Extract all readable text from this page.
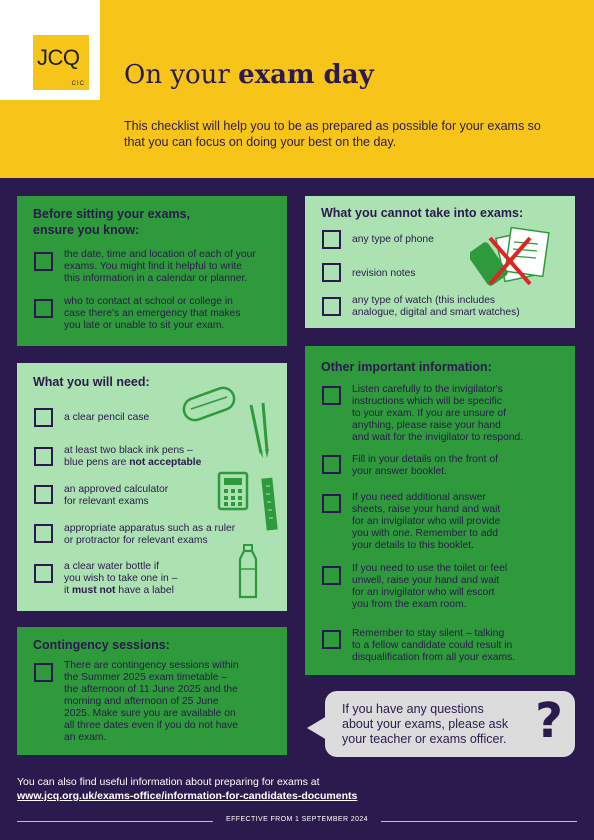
JCQ
CIC On your exam day
This checklist will help you to be as prepared as possible for your exams so that you can focus on doing your best on the day.
Before sitting your exams,
ensure you know:
the date, time and location of each of your
exams. You might find it helpful to write
this information in a calendar or planner.
who to contact at school or college in
case there's an emergency that makes
you late or unable to sit your exam.
What you cannot take into exams:
any type of phone
revision notes
any type of watch (this includes
analogue, digital and smart watches)
What you will need:
a clear pencil case
at least two black ink pens –
blue pens are not acceptable
an approved calculator
for relevant exams
appropriate apparatus such as a ruler
or protractor for relevant exams
a clear water bottle if
you wish to take one in –
it must not have a label
Other important information:
Listen carefully to the invigilator's
instructions which will be specific
to your exam. If you are unsure of
anything, please raise your hand
and wait for the invigilator to respond.
Fill in your details on the front of
your answer booklet.
If you need additional answer
sheets, raise your hand and wait
for an invigilator who will provide
you with one. Remember to add
your details to this booklet.
If you need to use the toilet or feel
unwell, raise your hand and wait
for an invigilator who will escort
you from the exam room.
Remember to stay silent – talking
to a fellow candidate could result in
disqualification from all your exams.
Contingency sessions:
There are contingency sessions within
the Summer 2025 exam timetable –
the afternoon of 11 June 2025 and the
morning and afternoon of 25 June
2025. Make sure you are available on
all three dates even if you do not have
an exam.
If you have any questions
about your exams, please ask
your teacher or exams officer. ?
You can also find useful information about preparing for exams at
www.jcq.org.uk/exams-office/information-for-candidates-documents
EFFECTIVE FROM 1 SEPTEMBER 2024
